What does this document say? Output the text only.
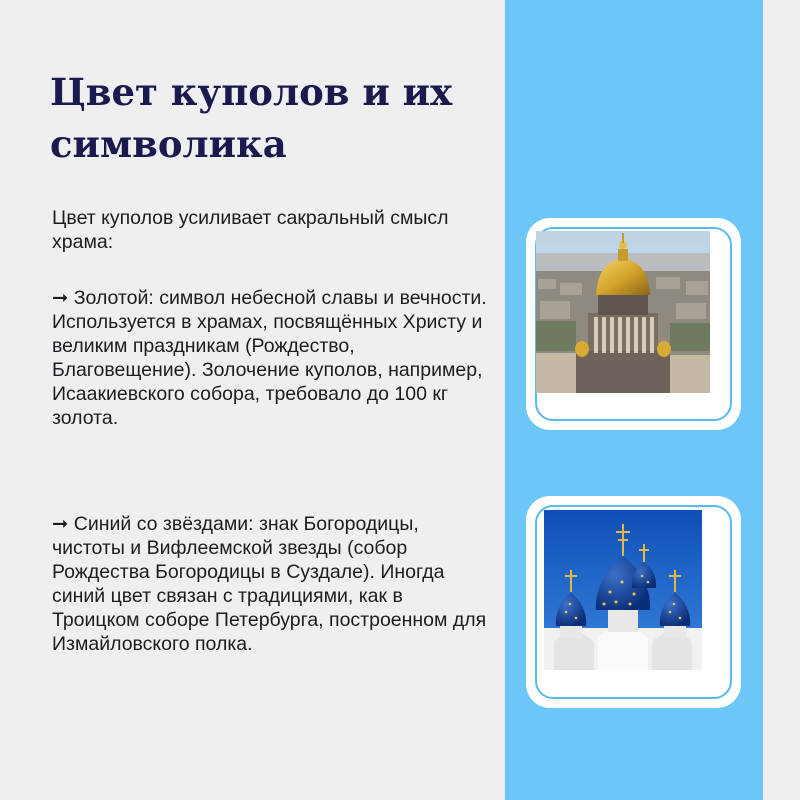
Цвет куполов и их символика

Цвет куполов усиливает сакральный смысл храма:

➞ Золотой: символ небесной славы и вечности. Используется в храмах, посвящённых Христу и великим праздникам (Рождество, Благовещение). Золочение куполов, например, Исаакиевского собора, требовало до 100 кг золота.

➞ Синий со звёздами: знак Богородицы, чистоты и Вифлеемской звезды (собор Рождества Богородицы в Суздале). Иногда синий цвет связан с традициями, как в Троицком соборе Петербурга, построенном для Измайловского полка.
